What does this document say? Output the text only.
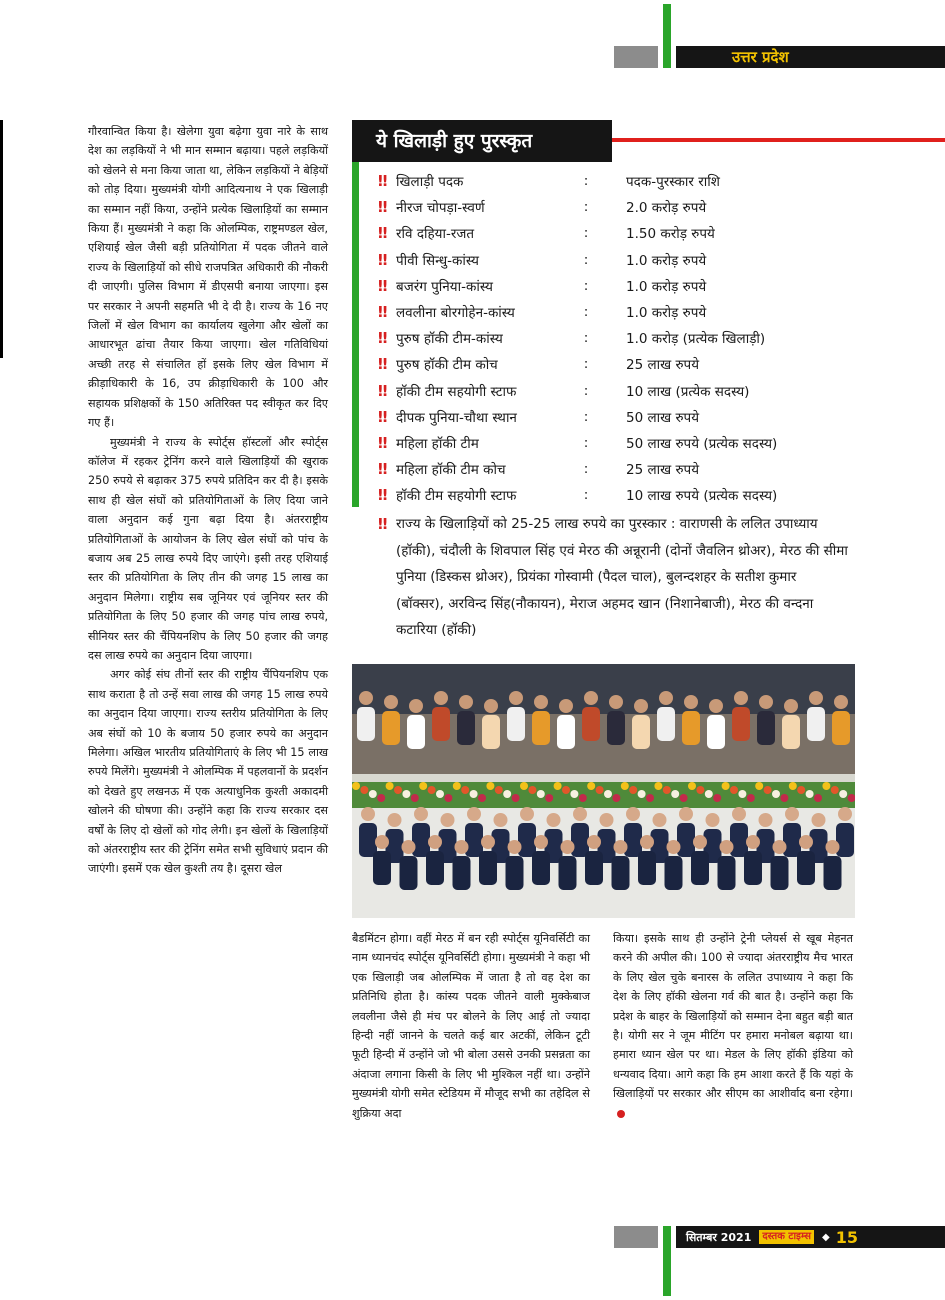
उत्तर प्रदेश

गौरवान्वित किया है। खेलेगा युवा बढ़ेगा युवा नारे के साथ देश का लड़कियों ने भी मान सम्मान बढ़ाया। पहले लड़कियों को खेलने से मना किया जाता था, लेकिन लड़कियों ने बेड़ियों को तोड़ दिया। मुख्यमंत्री योगी आदित्यनाथ ने एक खिलाड़ी का सम्मान नहीं किया, उन्होंने प्रत्येक खिलाड़ियों का सम्मान किया हैं। मुख्यमंत्री ने कहा कि ओलम्पिक, राष्ट्रमण्डल खेल, एशियाई खेल जैसी बड़ी प्रतियोगिता में पदक जीतने वाले राज्य के खिलाड़ियों को सीधे राजपत्रित अधिकारी की नौकरी दी जाएगी। पुलिस विभाग में डीएसपी बनाया जाएगा। इस पर सरकार ने अपनी सहमति भी दे दी है। राज्य के 16 नए जिलों में खेल विभाग का कार्यालय खुलेगा और खेलों का आधारभूत ढांचा तैयार किया जाएगा। खेल गतिविधियां अच्छी तरह से संचालित हों इसके लिए खेल विभाग में क्रीड़ाधिकारी के 16, उप क्रीड़ाधिकारी के 100 और सहायक प्रशिक्षकों के 150 अतिरिक्त पद स्वीकृत कर दिए गए हैं।

मुख्यमंत्री ने राज्य के स्पोर्ट्स हॉस्टलों और स्पोर्ट्स कॉलेज में रहकर ट्रेनिंग करने वाले खिलाड़ियों की खुराक 250 रुपये से बढ़ाकर 375 रुपये प्रतिदिन कर दी है। इसके साथ ही खेल संघों को प्रतियोगिताओं के लिए दिया जाने वाला अनुदान कई गुना बढ़ा दिया है। अंतरराष्ट्रीय प्रतियोगिताओं के आयोजन के लिए खेल संघों को पांच के बजाय अब 25 लाख रुपये दिए जाएंगे। इसी तरह एशियाई स्तर की प्रतियोगिता के लिए तीन की जगह 15 लाख का अनुदान मिलेगा। राष्ट्रीय सब जूनियर एवं जूनियर स्तर की प्रतियोगिता के लिए 50 हजार की जगह पांच लाख रुपये, सीनियर स्तर की चैंपियनशिप के लिए 50 हजार की जगह दस लाख रुपये का अनुदान दिया जाएगा।

अगर कोई संघ तीनों स्तर की राष्ट्रीय चैंपियनशिप एक साथ कराता है तो उन्हें सवा लाख की जगह 15 लाख रुपये का अनुदान दिया जाएगा। राज्य स्तरीय प्रतियोगिता के लिए अब संघों को 10 के बजाय 50 हजार रुपये का अनुदान मिलेगा। अखिल भारतीय प्रतियोगिताएं के लिए भी 15 लाख रुपये मिलेंगे। मुख्यमंत्री ने ओलम्पिक में पहलवानों के प्रदर्शन को देखते हुए लखनऊ में एक अत्याधुनिक कुश्ती अकादमी खोलने की घोषणा की। उन्होंने कहा कि राज्य सरकार दस वर्षों के लिए दो खेलों को गोद लेगी। इन खेलों के खिलाड़ियों को अंतरराष्ट्रीय स्तर की ट्रेनिंग समेत सभी सुविधाएं प्रदान की जाएंगी। इसमें एक खेल कुश्ती तय है। दूसरा खेल

ये खिलाड़ी हुए पुरस्कृत
‼ खिलाड़ी पदक	:	पदक-पुरस्कार राशि
‼ नीरज चोपड़ा-स्वर्ण	:	2.0 करोड़ रुपये
‼ रवि दहिया-रजत	:	1.50 करोड़ रुपये
‼ पीवी सिन्धु-कांस्य	:	1.0 करोड़ रुपये
‼ बजरंग पुनिया-कांस्य	:	1.0 करोड़ रुपये
‼ लवलीना बोरगोहेन-कांस्य	:	1.0 करोड़ रुपये
‼ पुरुष हॉकी टीम-कांस्य	:	1.0 करोड़ (प्रत्येक खिलाड़ी)
‼ पुरुष हॉकी टीम कोच	:	25 लाख रुपये
‼ हॉकी टीम सहयोगी स्टाफ	:	10 लाख (प्रत्येक सदस्य)
‼ दीपक पुनिया-चौथा स्थान	:	50 लाख रुपये
‼ महिला हॉकी टीम	:	50 लाख रुपये (प्रत्येक सदस्य)
‼ महिला हॉकी टीम कोच	:	25 लाख रुपये
‼ हॉकी टीम सहयोगी स्टाफ	:	10 लाख रुपये (प्रत्येक सदस्य)
‼ राज्य के खिलाड़ियों को 25-25 लाख रुपये का पुरस्कार : वाराणसी के ललित उपाध्याय (हॉकी), चंदौली के शिवपाल सिंह एवं मेरठ की अन्नूरानी (दोनों जैवलिन थ्रोअर), मेरठ की सीमा पुनिया (डिस्कस थ्रोअर), प्रियंका गोस्वामी (पैदल चाल), बुलन्दशहर के सतीश कुमार (बॉक्सर), अरविन्द सिंह(नौकायन), मेराज अहमद खान (निशानेबाजी), मेरठ की वन्दना कटारिया (हॉकी)

बैडमिंटन होगा। वहीं मेरठ में बन रही स्पोर्ट्स यूनिवर्सिटी का नाम ध्यानचंद स्पोर्ट्स यूनिवर्सिटी होगा। मुख्यमंत्री ने कहा भी एक खिलाड़ी जब ओलम्पिक में जाता है तो वह देश का प्रतिनिधि होता है। कांस्य पदक जीतने वाली मुक्केबाज लवलीना जैसे ही मंच पर बोलने के लिए आई तो ज्यादा हिन्दी नहीं जानने के चलते कई बार अटकीं, लेकिन टूटी फूटी हिन्दी में उन्होंने जो भी बोला उससे उनकी प्रसन्नता का अंदाजा लगाना किसी के लिए भी मुश्किल नहीं था। उन्होंने मुख्यमंत्री योगी समेत स्टेडियम में मौजूद सभी का तहेदिल से शुक्रिया अदा

किया। इसके साथ ही उन्होंने ट्रेनी प्लेयर्स से खूब मेहनत करने की अपील की। 100 से ज्यादा अंतरराष्ट्रीय मैच भारत के लिए खेल चुके बनारस के ललित उपाध्याय ने कहा कि देश के लिए हॉकी खेलना गर्व की बात है। उन्होंने कहा कि प्रदेश के बाहर के खिलाड़ियों को सम्मान देना बहुत बड़ी बात है। योगी सर ने जूम मीटिंग पर हमारा मनोबल बढ़ाया था। हमारा ध्यान खेल पर था। मेडल के लिए हॉकी इंडिया को धन्यवाद दिया। आगे कहा कि हम आशा करते हैं कि यहां के खिलाड़ियों पर सरकार और सीएम का आशीर्वाद बना रहेगा।

सितम्बर 2021	दस्तक टाइम्स	◆ 15
